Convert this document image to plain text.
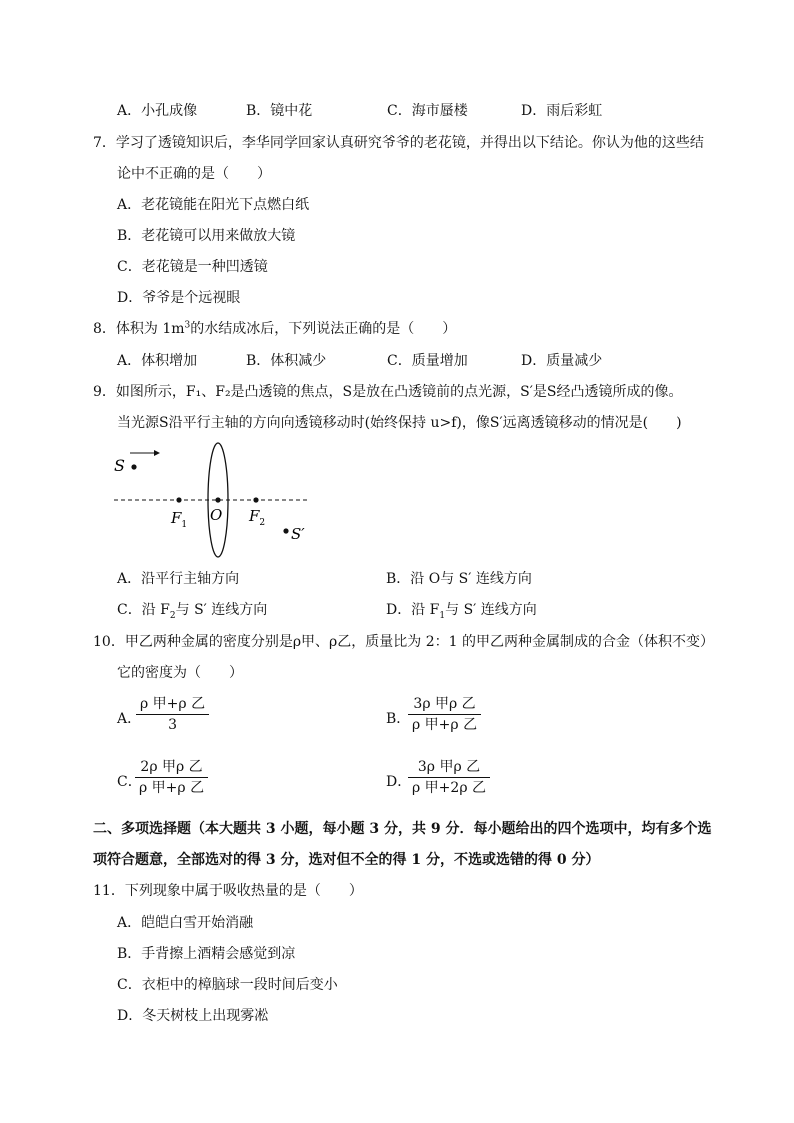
A．小孔成像	B．镜中花	C．海市蜃楼	D．雨后彩虹
7．学习了透镜知识后，李华同学回家认真研究爷爷的老花镜，并得出以下结论。你认为他的这些结
论中不正确的是（　　）
A．老花镜能在阳光下点燃白纸
B．老花镜可以用来做放大镜
C．老花镜是一种凹透镜
D．爷爷是个远视眼
8．体积为 $1m^3$的水结成冰后，下列说法正确的是（　　）
A．体积增加	B．体积减少	C．质量增加	D．质量减少
9．如图所示，F₁、F₂是凸透镜的焦点，S是放在凸透镜前的点光源，S′是S经凸透镜所成的像。
当光源S沿平行主轴的方向向透镜移动时(始终保持 u>f)，像S′远离透镜移动的情况是(　　)
S
$F_1$
O $F_2$
S′
A．沿平行主轴方向	B．沿 O与 S′ 连线方向
C．沿 $F_2$与 S′ 连线方向	D．沿 $F_1$与 S′ 连线方向
10．甲乙两种金属的密度分别是ρ甲、ρ乙，质量比为 2：1 的甲乙两种金属制成的合金（体积不变）
它的密度为（　　）
A．
ρ 甲+ρ 乙
3	B．
3ρ 甲ρ 乙
ρ 甲+ρ 乙
C．
2ρ 甲ρ 乙
ρ 甲+ρ 乙	D．
3ρ 甲ρ 乙
ρ 甲+2ρ 乙
二、多项选择题（本大题共 3 小题，每小题 3 分，共 9 分．每小题给出的四个选项中，均有多个选
项符合题意，全部选对的得 3 分，选对但不全的得 1 分，不选或选错的得 0 分）
11．下列现象中属于吸收热量的是（　　）
A．皑皑白雪开始消融
B．手背擦上酒精会感觉到凉
C．衣柜中的樟脑球一段时间后变小
D．冬天树枝上出现雾凇
